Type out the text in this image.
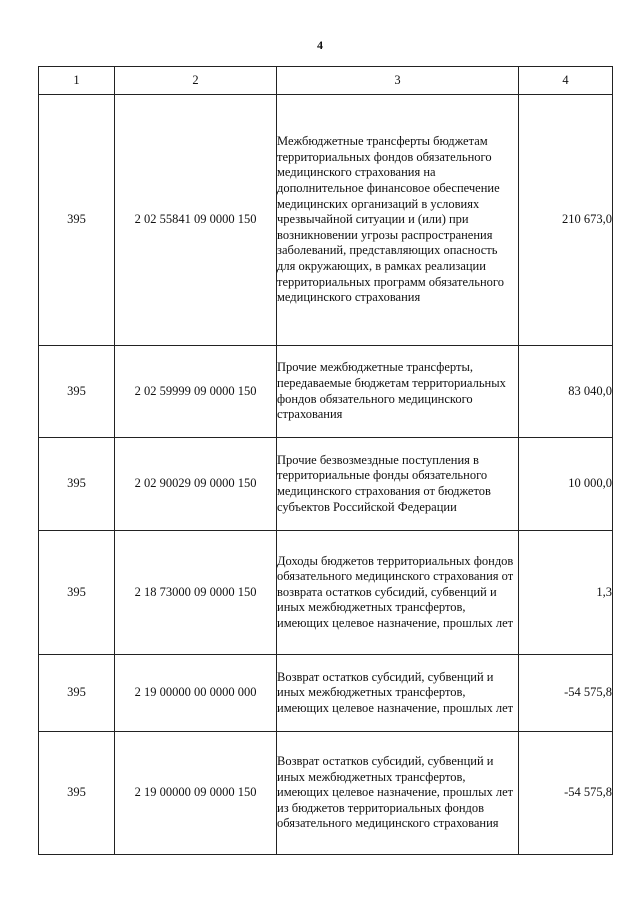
4
1	2	3	4
395	2 02 55841 09 0000 150	Межбюджетные трансферты бюджетам территориальных фондов обязательного медицинского страхования на дополнительное финансовое обеспечение медицинских организаций в условиях чрезвычайной ситуации и (или) при возникновении угрозы распространения заболеваний, представляющих опасность для окружающих, в рамках реализации территориальных программ обязательного медицинского страхования	210 673,0
395	2 02 59999 09 0000 150	Прочие межбюджетные трансферты, передаваемые бюджетам территориальных фондов обязательного медицинского страхования	83 040,0
395	2 02 90029 09 0000 150	Прочие безвозмездные поступления в территориальные фонды обязательного медицинского страхования от бюджетов субъектов Российской Федерации	10 000,0
395	2 18 73000 09 0000 150	Доходы бюджетов территориальных фондов обязательного медицинского страхования от возврата остатков субсидий, субвенций и иных межбюджетных трансфертов, имеющих целевое назначение, прошлых лет	1,3
395	2 19 00000 00 0000 000	Возврат остатков субсидий, субвенций и иных межбюджетных трансфертов, имеющих целевое назначение, прошлых лет	-54 575,8
395	2 19 00000 09 0000 150	Возврат остатков субсидий, субвенций и иных межбюджетных трансфертов, имеющих целевое назначение, прошлых лет из бюджетов территориальных фондов обязательного медицинского страхования	-54 575,8
